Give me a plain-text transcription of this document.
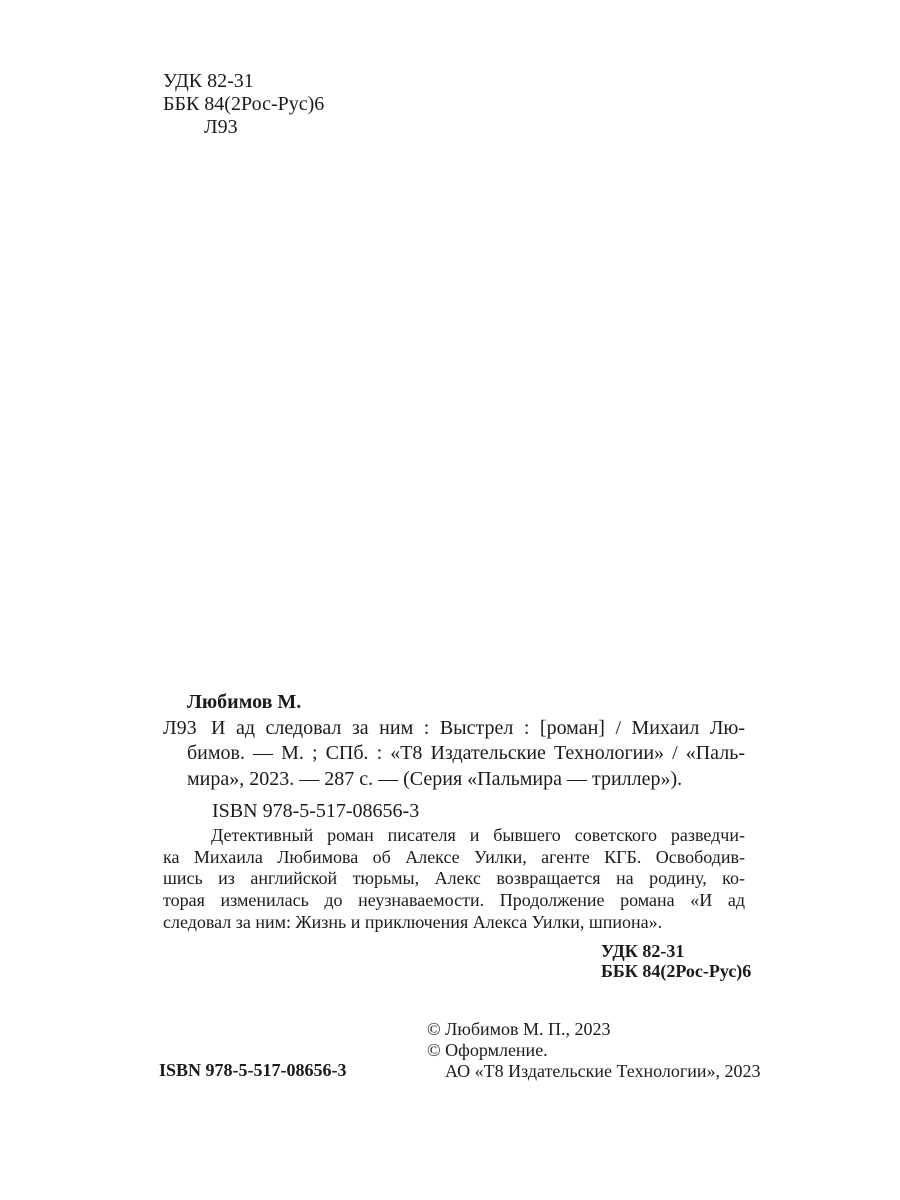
УДК 82-31
ББК 84(2Рос-Рус)6
Л93
Любимов М.
Л93 И ад следовал за ним : Выстрел : [роман] / Михаил Лю-
бимов. — М. ; СПб. : «Т8 Издательские Технологии» / «Паль-
мира», 2023. — 287 с. — (Серия «Пальмира — триллер»).
ISBN 978-5-517-08656-3
Детективный роман писателя и бывшего советского разведчи-
ка Михаила Любимова об Алексе Уилки, агенте КГБ. Освободив-
шись из английской тюрьмы, Алекс возвращается на родину, ко-
торая изменилась до неузнаваемости. Продолжение романа «И ад
следовал за ним: Жизнь и приключения Алекса Уилки, шпиона».
УДК 82-31
ББК 84(2Рос-Рус)6
ISBN 978-5-517-08656-3
© Любимов М. П., 2023
© Оформление.
АО «Т8 Издательские Технологии», 2023
